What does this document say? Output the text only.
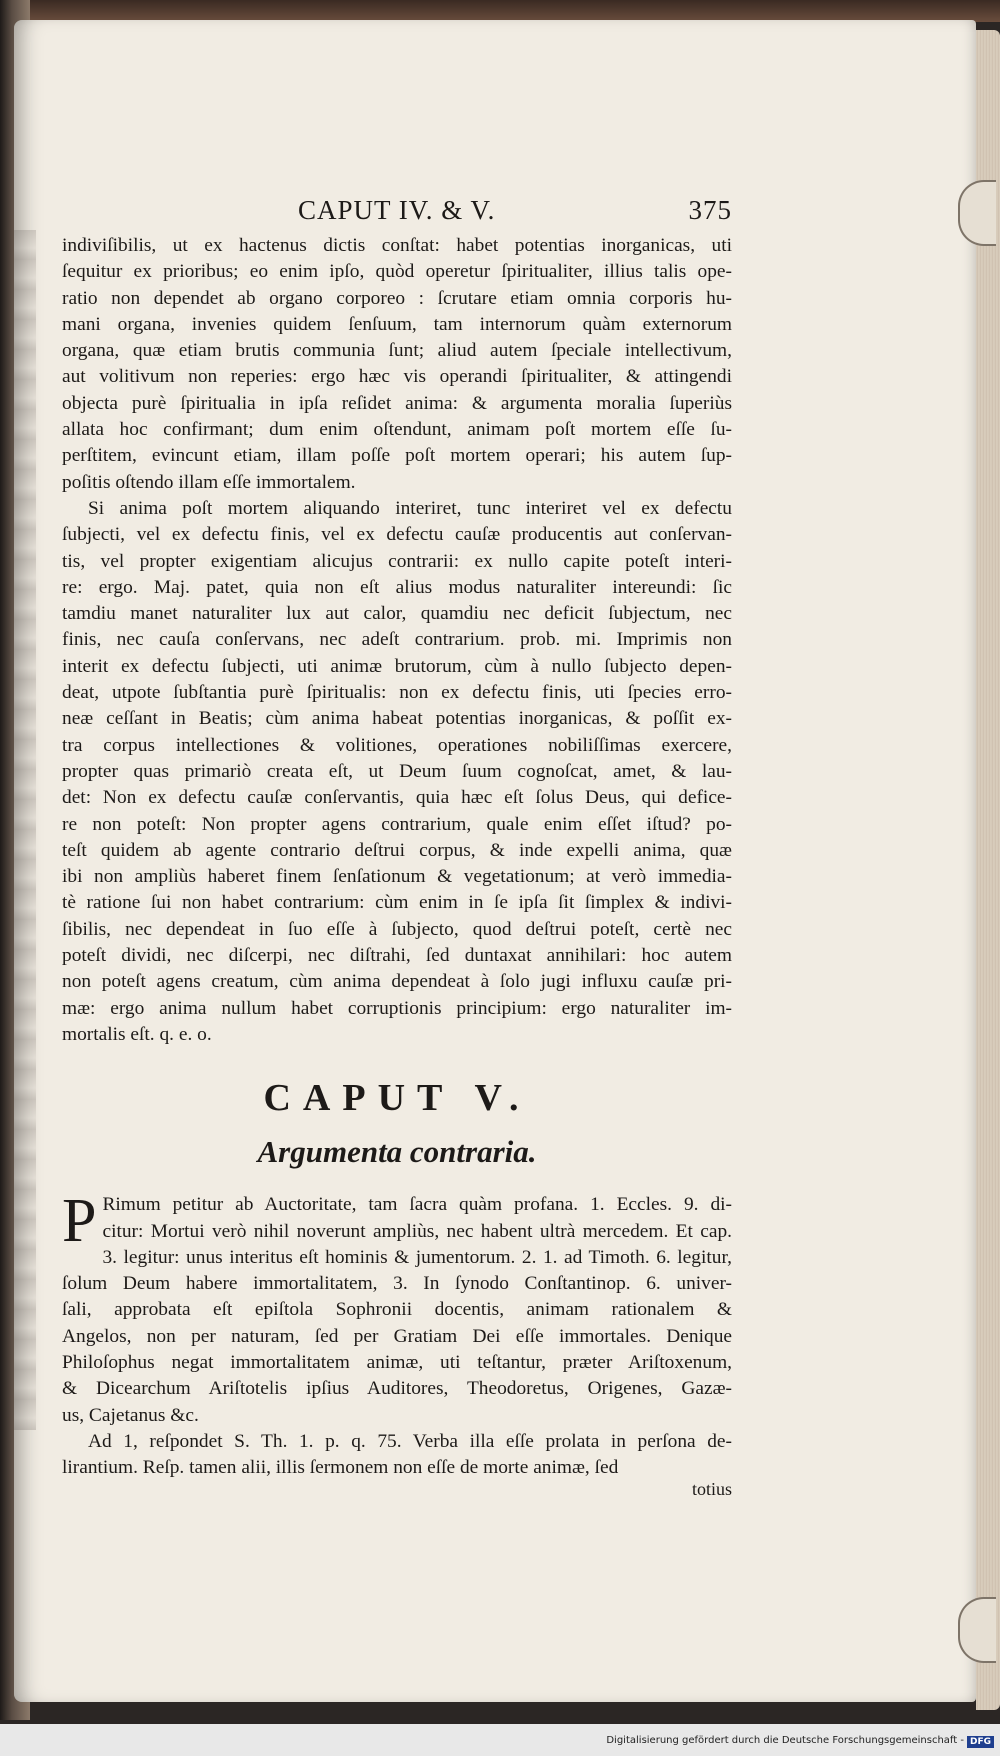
CAPUT IV. & V.	375

indiviſibilis, ut ex hactenus dictis conſtat: habet potentias inorganicas, uti
ſequitur ex prioribus; eo enim ipſo, quòd operetur ſpiritualiter, illius talis ope-
ratio non dependet ab organo corporeo : ſcrutare etiam omnia corporis hu-
mani organa, invenies quidem ſenſuum, tam internorum quàm externorum
organa, quæ etiam brutis communia ſunt; aliud autem ſpeciale intellectivum,
aut volitivum non reperies: ergo hæc vis operandi ſpiritualiter, & attingendi
objecta purè ſpiritualia in ipſa reſidet anima: & argumenta moralia ſuperiùs
allata hoc confirmant; dum enim oſtendunt, animam poſt mortem eſſe ſu-
perſtitem, evincunt etiam, illam poſſe poſt mortem operari; his autem ſup-
poſitis oſtendo illam eſſe immortalem.

Si anima poſt mortem aliquando interiret, tunc interiret vel ex defectu
ſubjecti, vel ex defectu finis, vel ex defectu cauſæ producentis aut conſervan-
tis, vel propter exigentiam alicujus contrarii: ex nullo capite poteſt interi-
re: ergo. Maj. patet, quia non eſt alius modus naturaliter intereundi: ſic
tamdiu manet naturaliter lux aut calor, quamdiu nec deficit ſubjectum, nec
finis, nec cauſa conſervans, nec adeſt contrarium. prob. mi. Imprimis non
interit ex defectu ſubjecti, uti animæ brutorum, cùm à nullo ſubjecto depen-
deat, utpote ſubſtantia purè ſpiritualis: non ex defectu finis, uti ſpecies erro-
neæ ceſſant in Beatis; cùm anima habeat potentias inorganicas, & poſſit ex-
tra corpus intellectiones & volitiones, operationes nobiliſſimas exercere,
propter quas primariò creata eſt, ut Deum ſuum cognoſcat, amet, & lau-
det: Non ex defectu cauſæ conſervantis, quia hæc eſt ſolus Deus, qui defice-
re non poteſt: Non propter agens contrarium, quale enim eſſet iſtud? po-
teſt quidem ab agente contrario deſtrui corpus, & inde expelli anima, quæ
ibi non ampliùs haberet finem ſenſationum & vegetationum; at verò immedia-
tè ratione ſui non habet contrarium: cùm enim in ſe ipſa ſit ſimplex & indivi-
ſibilis, nec dependeat in ſuo eſſe à ſubjecto, quod deſtrui poteſt, certè nec
poteſt dividi, nec diſcerpi, nec diſtrahi, ſed duntaxat annihilari: hoc autem
non poteſt agens creatum, cùm anima dependeat à ſolo jugi influxu cauſæ pri-
mæ: ergo anima nullum habet corruptionis principium: ergo naturaliter im-
mortalis eſt. q. e. o.

CAPUT V.
Argumenta contraria.

P Rimum petitur ab Auctoritate, tam ſacra quàm profana. 1. Eccles. 9. di-
citur: Mortui verò nihil noverunt ampliùs, nec habent ultrà mercedem. Et cap.
3. legitur: unus interitus eſt hominis & jumentorum. 2. 1. ad Timoth. 6. legitur,
ſolum Deum habere immortalitatem, 3. In ſynodo Conſtantinop. 6. univer-
ſali, approbata eſt epiſtola Sophronii docentis, animam rationalem &
Angelos, non per naturam, ſed per Gratiam Dei eſſe immortales. Denique
Philoſophus negat immortalitatem animæ, uti teſtantur, præter Ariſtoxenum,
& Dicearchum Ariſtotelis ipſius Auditores, Theodoretus, Origenes, Gazæ-
us, Cajetanus &c.

Ad 1, reſpondet S. Th. 1. p. q. 75. Verba illa eſſe prolata in perſona de-
lirantium. Reſp. tamen alii, illis ſermonem non eſſe de morte animæ, ſed

totius
Digitalisierung gefördert durch die Deutsche Forschungsgemeinschaft - DFG
